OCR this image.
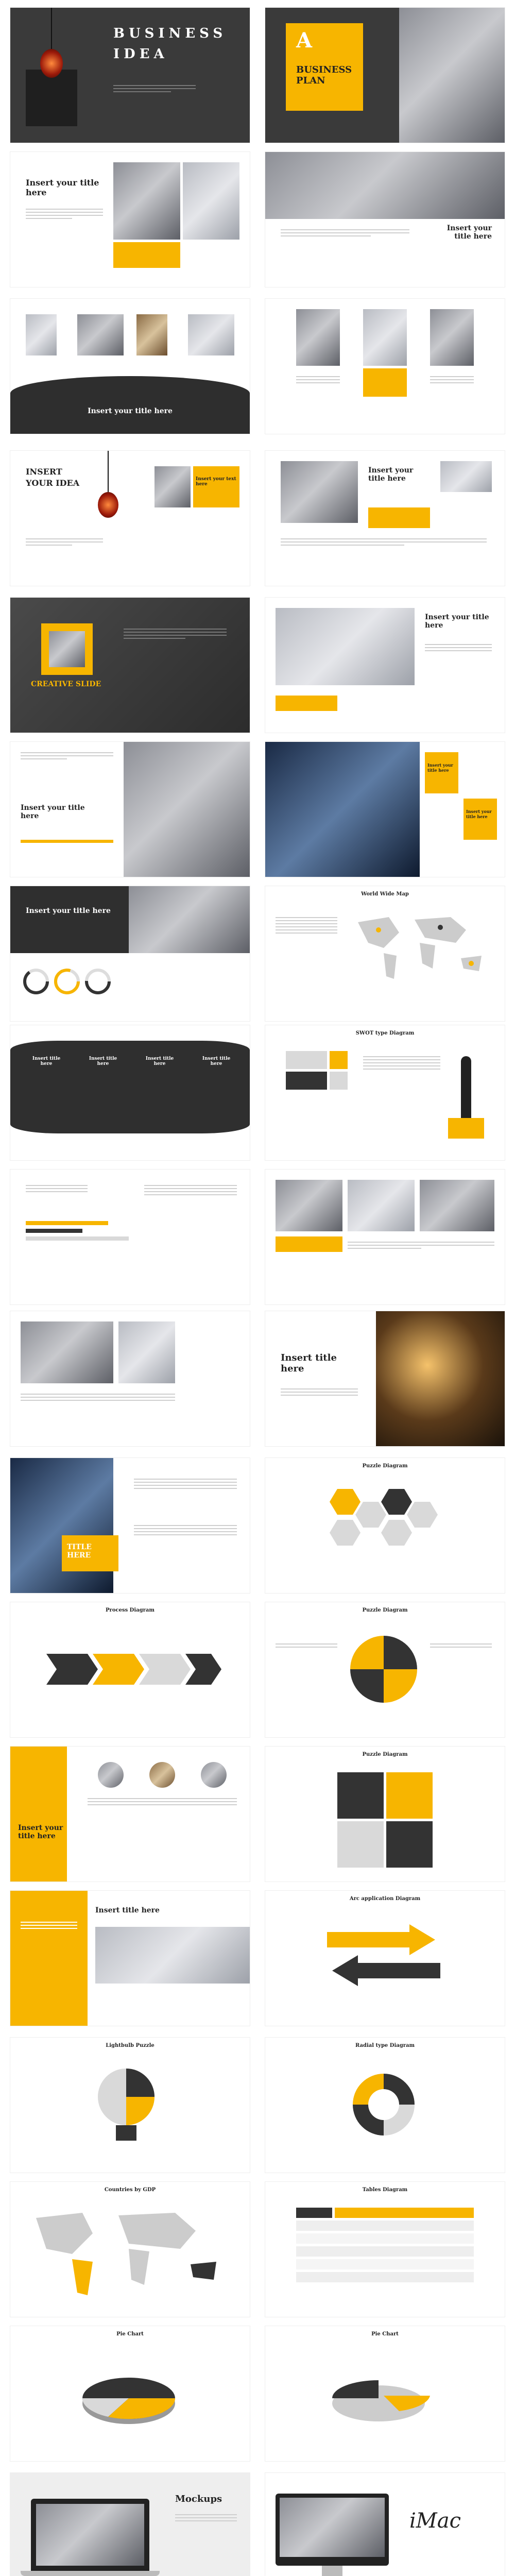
BUSINESS IDEA
A
BUSINESS PLAN
Insert your title here
Insert your title here
Insert your title here
INSERT YOUR IDEA	Insert your text here
Insert your title here
CREATIVE SLIDE
Insert your title here
Insert your title here
Insert your title here
Insert your title here
Insert your title here
World Wide Map
Insert title here
Insert title here
Insert title here
Insert title here
SWOT type Diagram
Insert title here
TITLE HERE
Puzzle Diagram
Process Diagram	Puzzle Diagram
Insert your title here
Puzzle Diagram
Insert title here
Arc application Diagram
Lightbulb Puzzle	Radial type Diagram
Countries by GDP	Tables Diagram
Pie Chart	Pie Chart
Mockups
iMac
